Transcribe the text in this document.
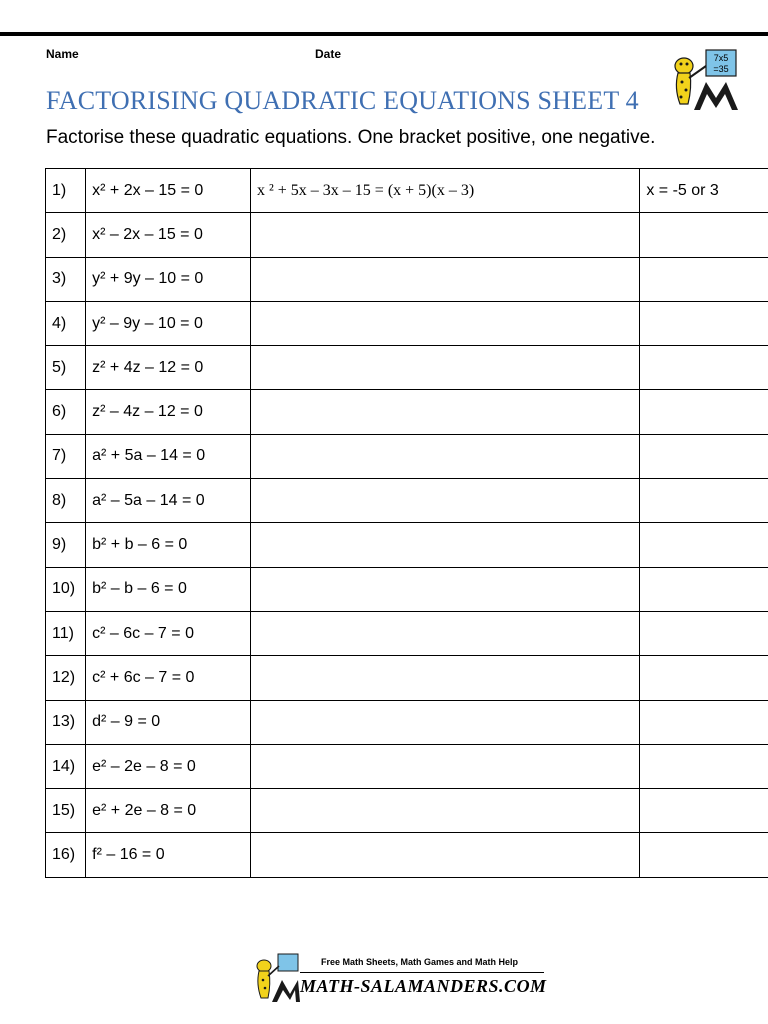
Name	Date
FACTORISING QUADRATIC EQUATIONS SHEET 4
Factorise these quadratic equations. One bracket positive, one negative.
7x5
=35
1)	x² + 2x – 15 = 0	x ² + 5x – 3x – 15 = (x + 5)(x – 3)	x = -5 or 3
2)	x² – 2x – 15 = 0		
3)	y² + 9y – 10 = 0		
4)	y² – 9y – 10 = 0		
5)	z² + 4z – 12 = 0		
6)	z² – 4z – 12 = 0		
7)	a² + 5a – 14 = 0		
8)	a² – 5a – 14 = 0		
9)	b² + b – 6 = 0		
10)	b² – b – 6 = 0		
11)	c² – 6c – 7 = 0		
12)	c² + 6c – 7 = 0		
13)	d² – 9 = 0		
14)	e² – 2e – 8 = 0		
15)	e² + 2e – 8 = 0		
16)	f² – 16 = 0		
Free Math Sheets, Math Games and Math Help
MATH-SALAMANDERS.COM
